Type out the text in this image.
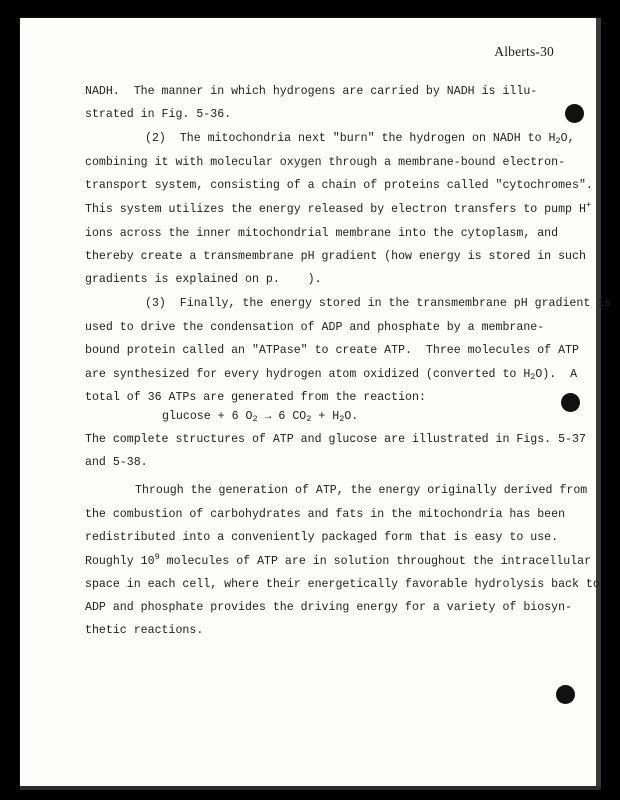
Alberts-30
NADH.  The manner in which hydrogens are carried by NADH is illu-
strated in Fig. 5-36.
(2)  The mitochondria next "burn" the hydrogen on NADH to $H_2O$,
combining it with molecular oxygen through a membrane-bound electron-
transport system, consisting of a chain of proteins called "cytochromes".
This system utilizes the energy released by electron transfers to pump H+
ions across the inner mitochondrial membrane into the cytoplasm, and
thereby create a transmembrane pH gradient (how energy is stored in such
gradients is explained on p.    ).
(3)  Finally, the energy stored in the transmembrane pH gradient is
used to drive the condensation of ADP and phosphate by a membrane-
bound protein called an "ATPase" to create ATP.  Three molecules of ATP
are synthesized for every hydrogen atom oxidized (converted to $H_2O$).  A
total of 36 ATPs are generated from the reaction:
glucose + 6 $O_2 \to 6$ $CO_2 + H_2O$.
The complete structures of ATP and glucose are illustrated in Figs. 5-37
and 5-38.
Through the generation of ATP, the energy originally derived from
the combustion of carbohydrates and fats in the mitochondria has been
redistributed into a conveniently packaged form that is easy to use.
Roughly $10^9$ molecules of ATP are in solution throughout the intracellular
space in each cell, where their energetically favorable hydrolysis back to
ADP and phosphate provides the driving energy for a variety of biosyn-
thetic reactions.
